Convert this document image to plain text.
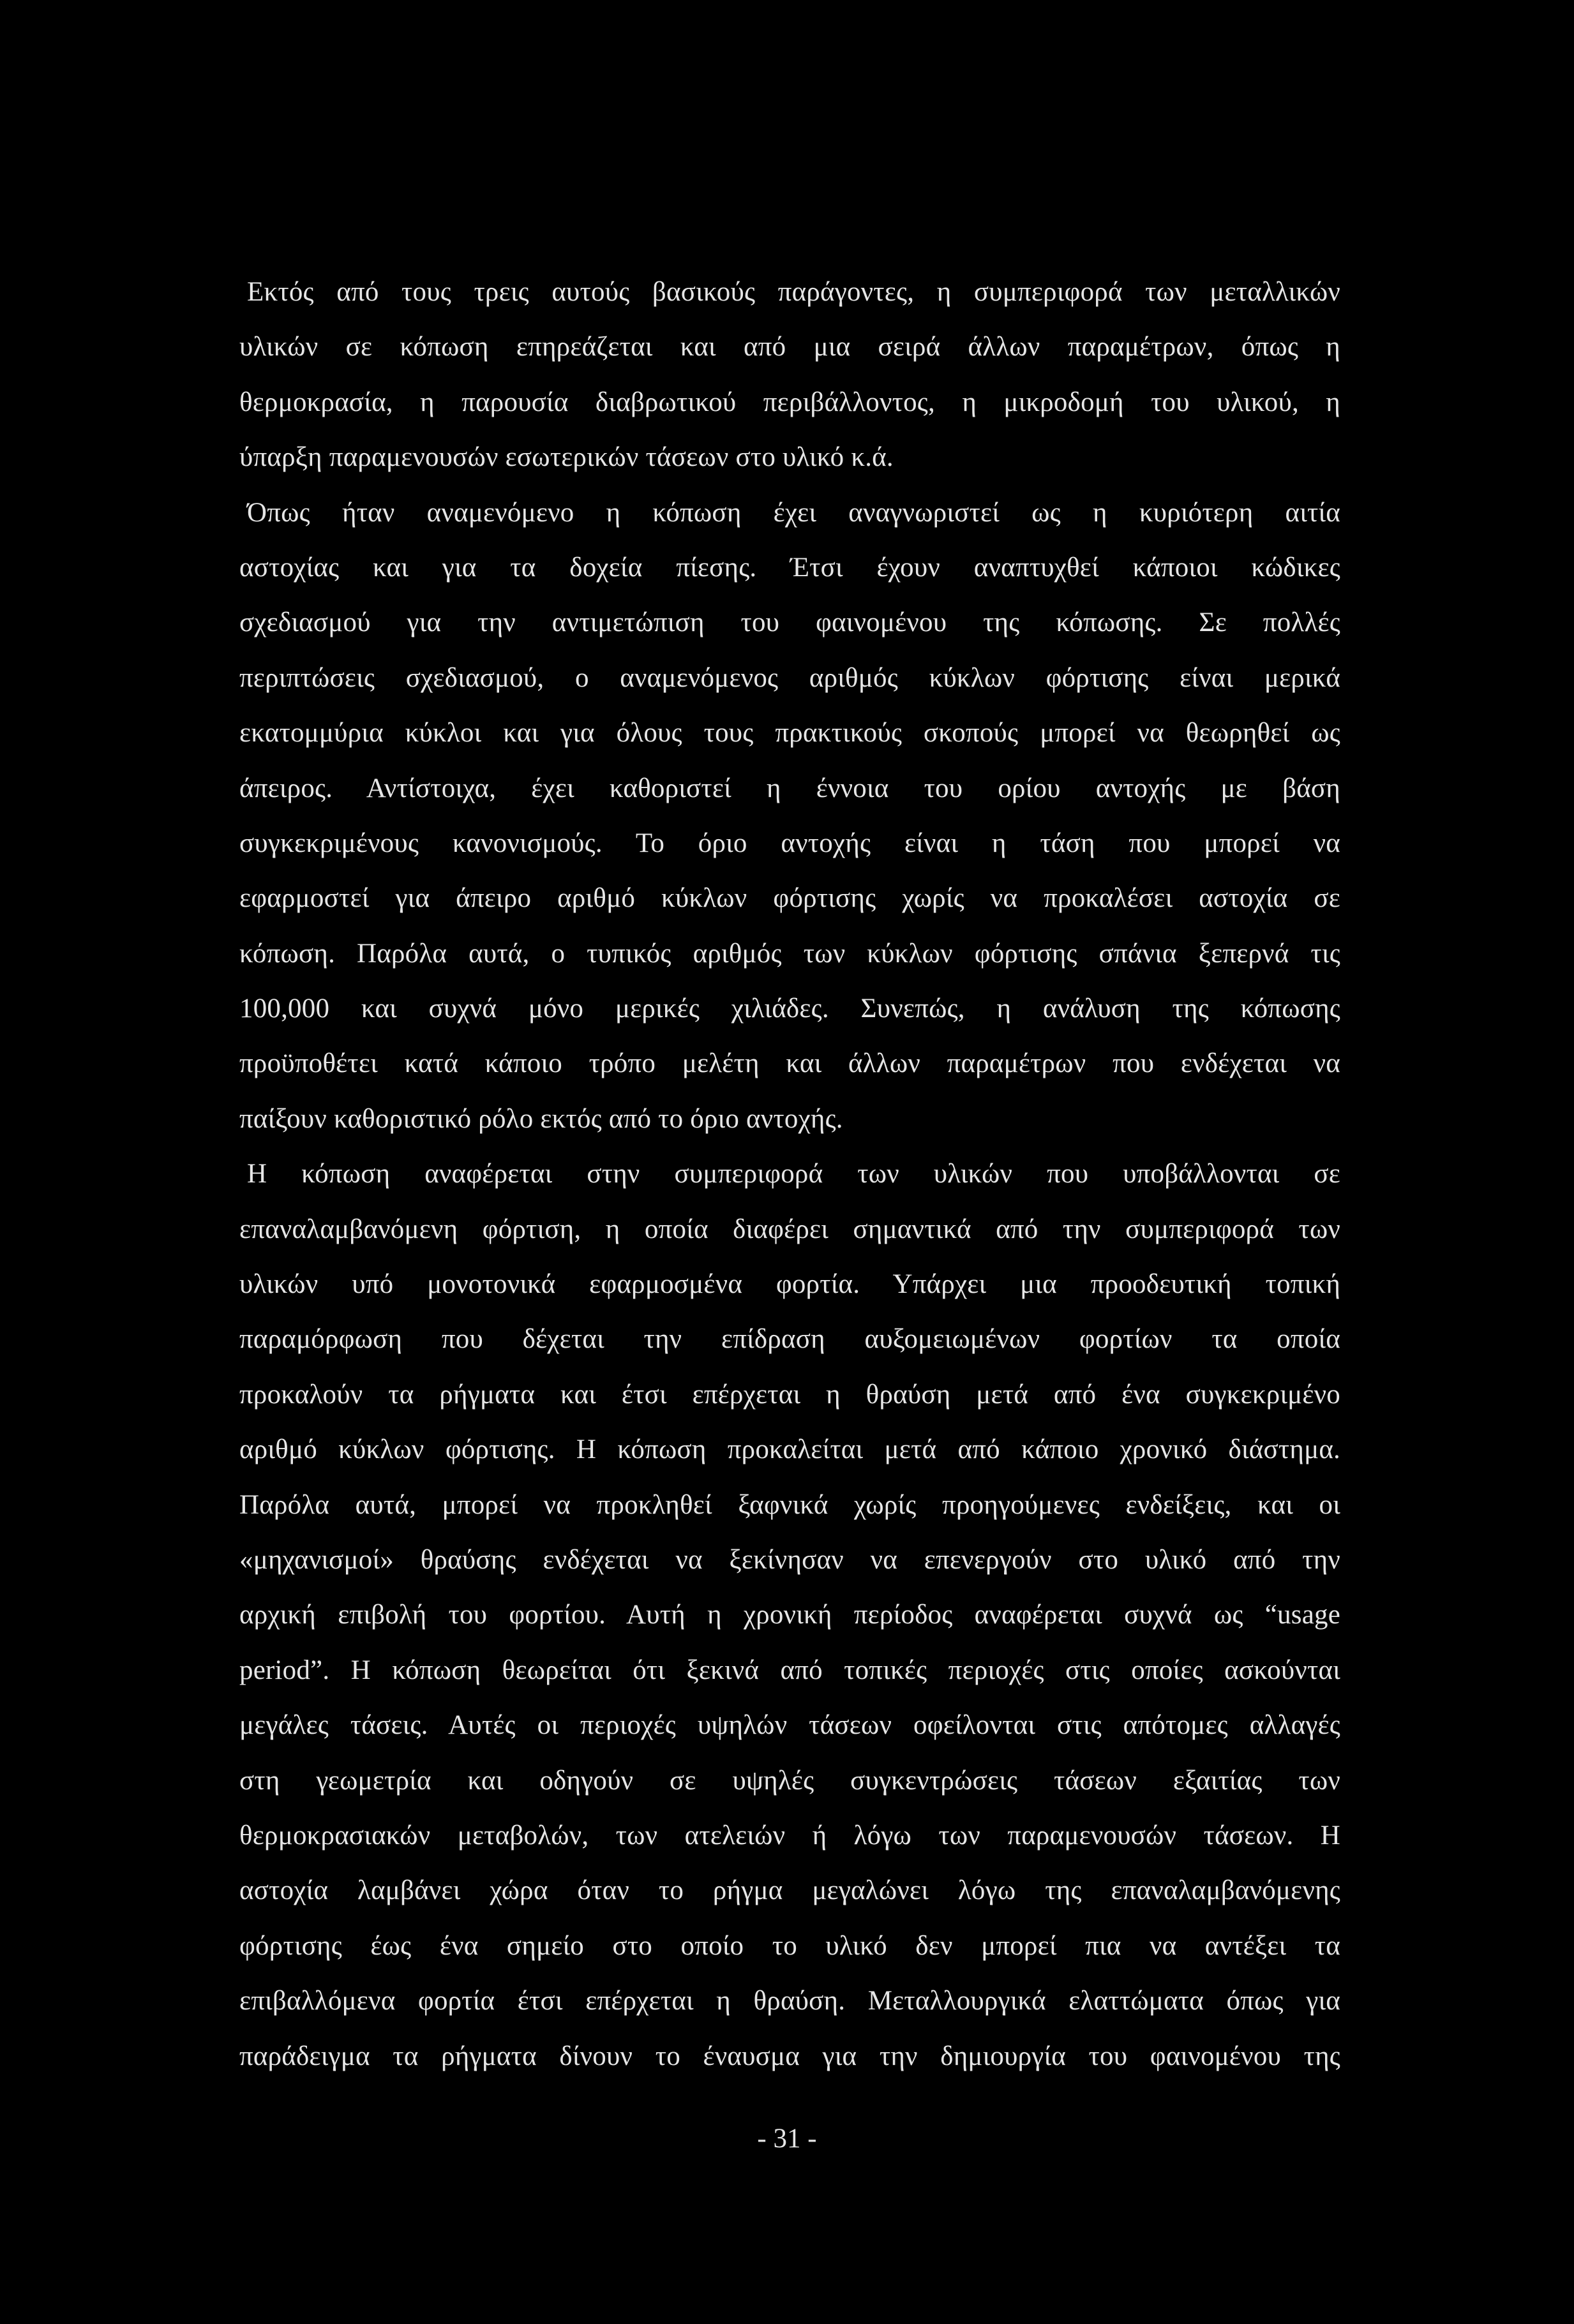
Εκτός από τους τρεις αυτούς βασικούς παράγοντες, η συμπεριφορά των μεταλλικών
υλικών σε κόπωση επηρεάζεται και από μια σειρά άλλων παραμέτρων, όπως η
θερμοκρασία, η παρουσία διαβρωτικού περιβάλλοντος, η μικροδομή του υλικού, η
ύπαρξη παραμενουσών εσωτερικών τάσεων στο υλικό κ.ά.
Όπως ήταν αναμενόμενο η κόπωση έχει αναγνωριστεί ως η κυριότερη αιτία
αστοχίας και για τα δοχεία πίεσης. Έτσι έχουν αναπτυχθεί κάποιοι κώδικες
σχεδιασμού για την αντιμετώπιση του φαινομένου της κόπωσης. Σε πολλές
περιπτώσεις σχεδιασμού, ο αναμενόμενος αριθμός κύκλων φόρτισης είναι μερικά
εκατομμύρια κύκλοι και για όλους τους πρακτικούς σκοπούς μπορεί να θεωρηθεί ως
άπειρος. Αντίστοιχα, έχει καθοριστεί η έννοια του ορίου αντοχής με βάση
συγκεκριμένους κανονισμούς. Το όριο αντοχής είναι η τάση που μπορεί να
εφαρμοστεί για άπειρο αριθμό κύκλων φόρτισης χωρίς να προκαλέσει αστοχία σε
κόπωση. Παρόλα αυτά, ο τυπικός αριθμός των κύκλων φόρτισης σπάνια ξεπερνά τις
100,000 και συχνά μόνο μερικές χιλιάδες. Συνεπώς, η ανάλυση της κόπωσης
προϋποθέτει κατά κάποιο τρόπο μελέτη και άλλων παραμέτρων που ενδέχεται να
παίξουν καθοριστικό ρόλο εκτός από το όριο αντοχής.
Η κόπωση αναφέρεται στην συμπεριφορά των υλικών που υποβάλλονται σε
επαναλαμβανόμενη φόρτιση, η οποία διαφέρει σημαντικά από την συμπεριφορά των
υλικών υπό μονοτονικά εφαρμοσμένα φορτία. Υπάρχει μια προοδευτική τοπική
παραμόρφωση που δέχεται την επίδραση αυξομειωμένων φορτίων τα οποία
προκαλούν τα ρήγματα και έτσι επέρχεται η θραύση μετά από ένα συγκεκριμένο
αριθμό κύκλων φόρτισης. Η κόπωση προκαλείται μετά από κάποιο χρονικό διάστημα.
Παρόλα αυτά, μπορεί να προκληθεί ξαφνικά χωρίς προηγούμενες ενδείξεις, και οι
«μηχανισμοί» θραύσης ενδέχεται να ξεκίνησαν να επενεργούν στο υλικό από την
αρχική επιβολή του φορτίου. Αυτή η χρονική περίοδος αναφέρεται συχνά ως “usage
period”. Η κόπωση θεωρείται ότι ξεκινά από τοπικές περιοχές στις οποίες ασκούνται
μεγάλες τάσεις. Αυτές οι περιοχές υψηλών τάσεων οφείλονται στις απότομες αλλαγές
στη γεωμετρία και οδηγούν σε υψηλές συγκεντρώσεις τάσεων εξαιτίας των
θερμοκρασιακών μεταβολών, των ατελειών ή λόγω των παραμενουσών τάσεων. Η
αστοχία λαμβάνει χώρα όταν το ρήγμα μεγαλώνει λόγω της επαναλαμβανόμενης
φόρτισης έως ένα σημείο στο οποίο το υλικό δεν μπορεί πια να αντέξει τα
επιβαλλόμενα φορτία έτσι επέρχεται η θραύση. Μεταλλουργικά ελαττώματα όπως για
παράδειγμα τα ρήγματα δίνουν το έναυσμα για την δημιουργία του φαινομένου της
- 31 -
